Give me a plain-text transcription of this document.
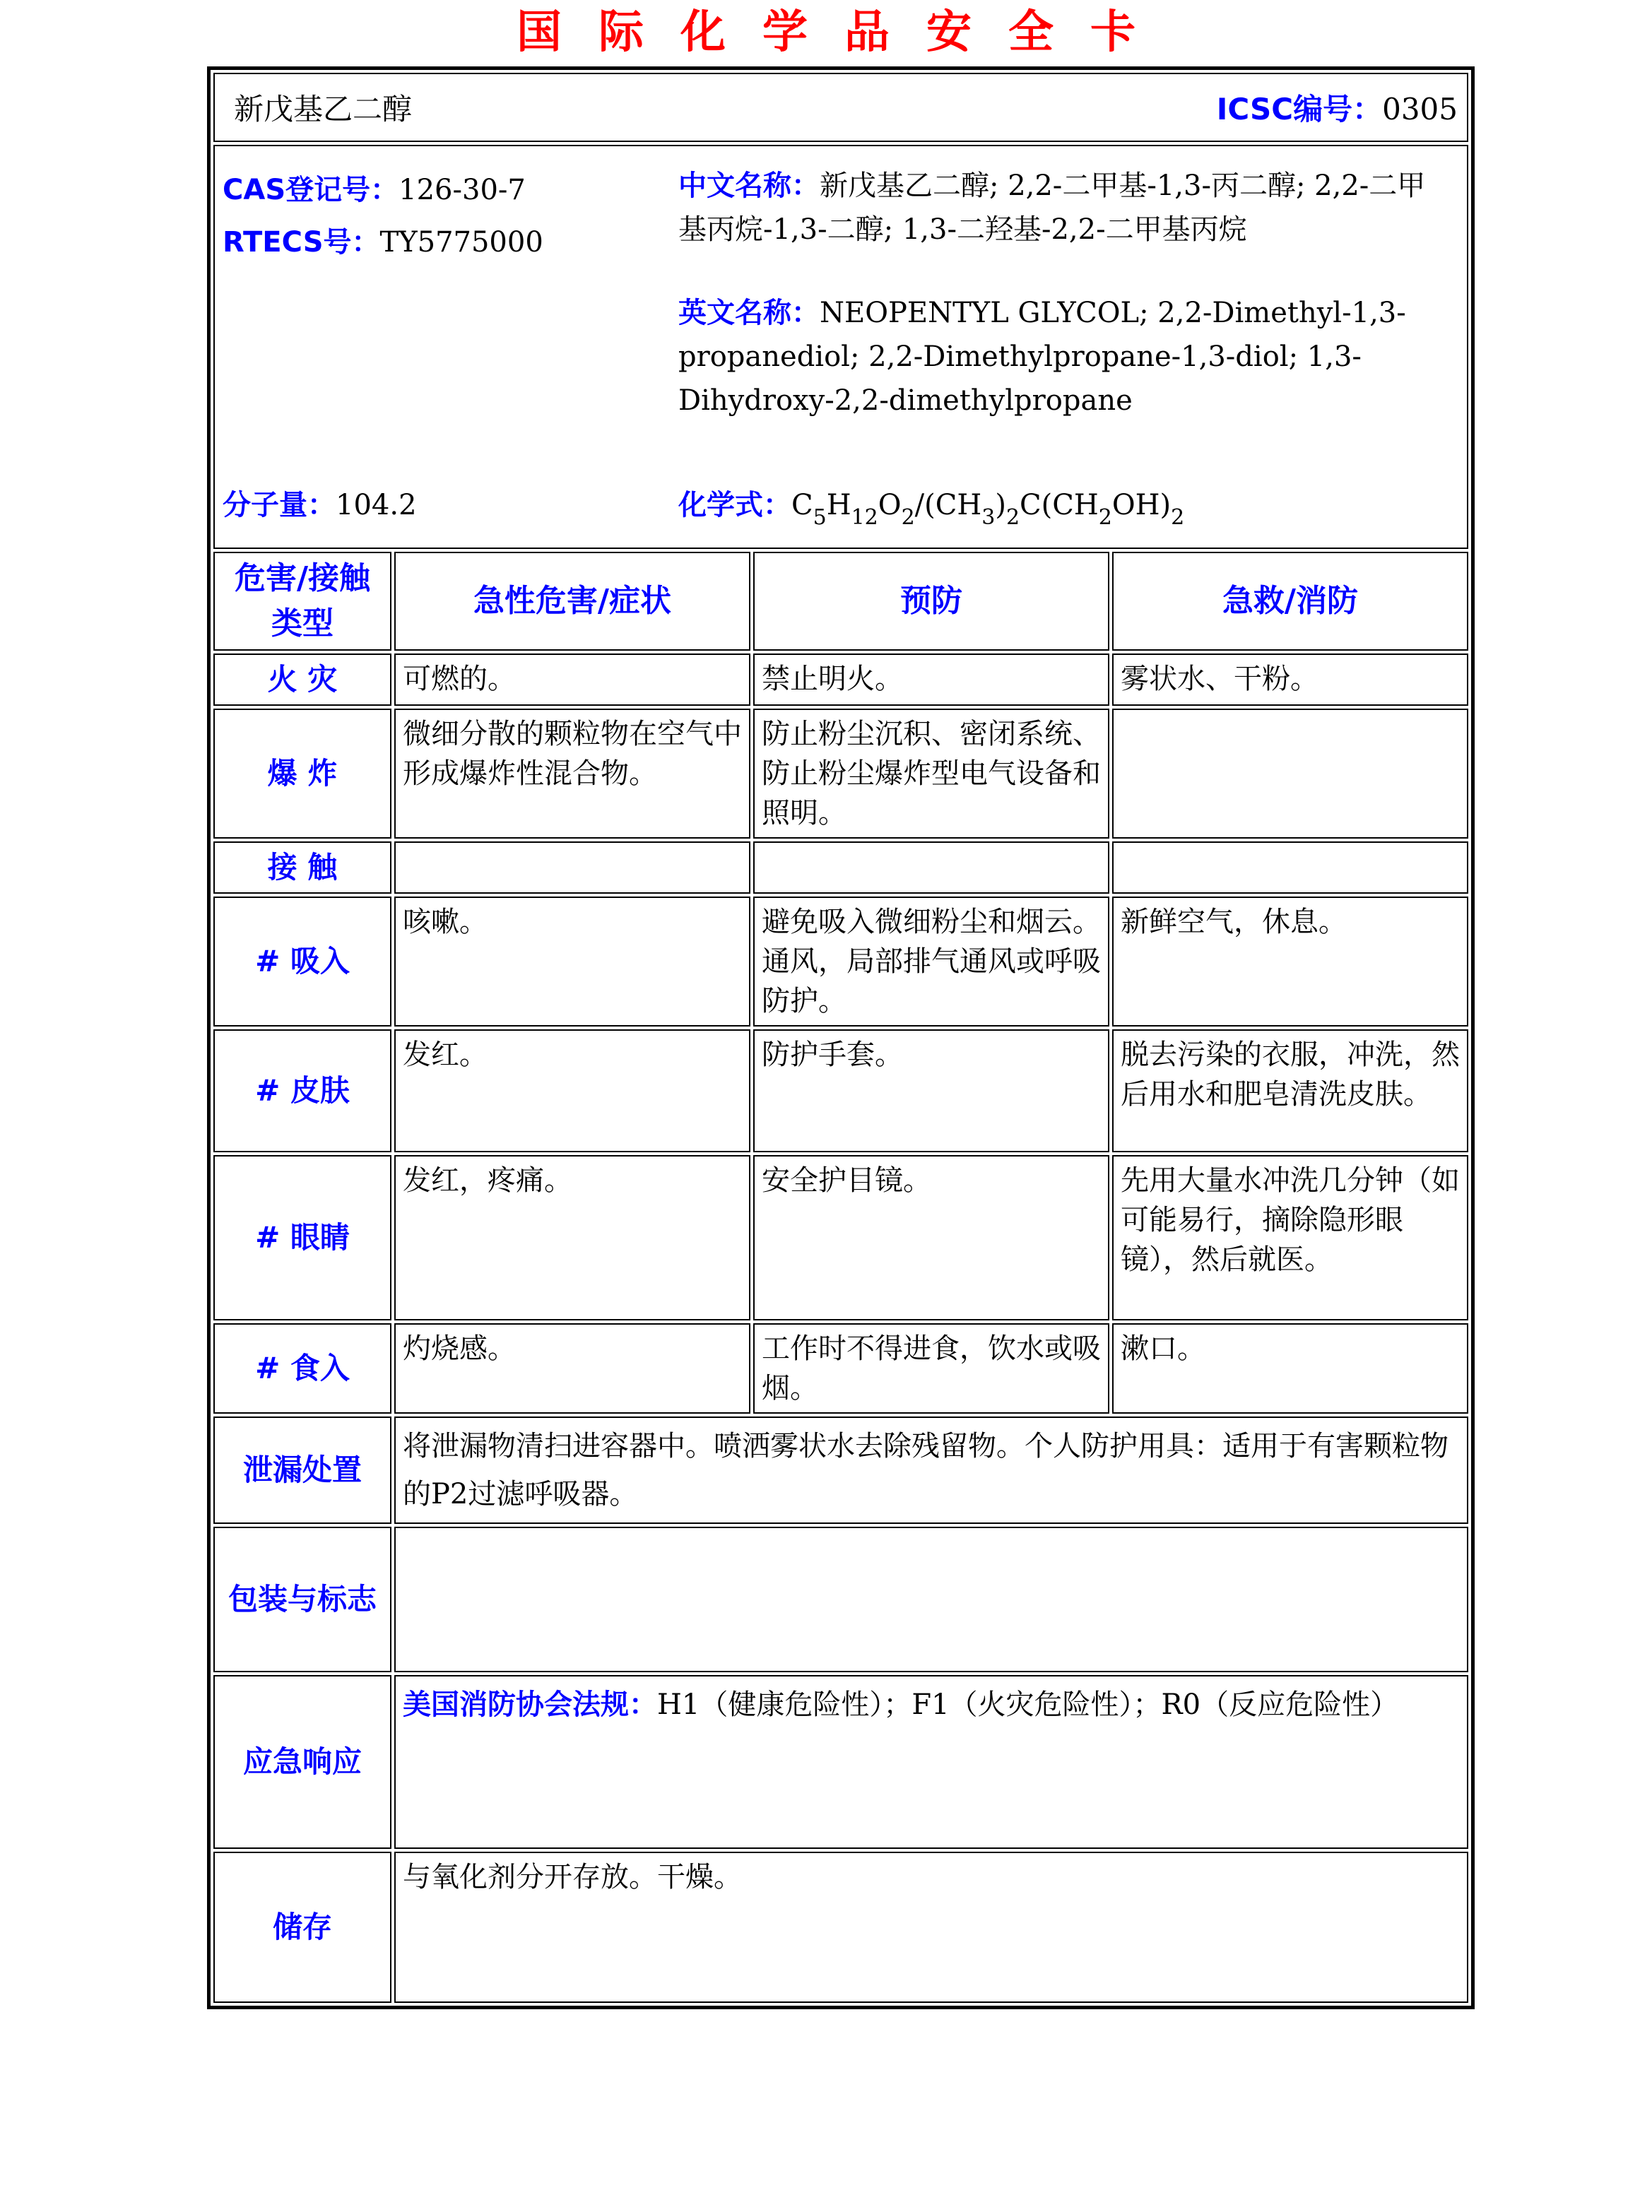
国际化学品安全卡
新戊基乙二醇 ICSC编号：0305			

CAS登记号：126-30-7
RTECS号：TY5775000
中文名称：新戊基乙二醇; 2,2-二甲基-1,3-丙二醇; 2,2-二甲基丙烷-1,3-二醇; 1,3-二羟基-2,2-二甲基丙烷
英文名称：NEOPENTYL GLYCOL; 2,2-Dimethyl-1,3-propanediol; 2,2-Dimethylpropane-1,3-diol; 1,3-Dihydroxy-2,2-dimethylpropane
分子量：104.2	化学式：$C_5H_{12}O_2/(CH_3)_2C(CH_2OH)_2$

危害/接触类型	急性危害/症状	预防	急救/消防
火 灾	可燃的。	禁止明火。	雾状水、干粉。
爆 炸	微细分散的颗粒物在空气中形成爆炸性混合物。	防止粉尘沉积、密闭系统、防止粉尘爆炸型电气设备和照明。	
接 触			
# 吸入	咳嗽。	避免吸入微细粉尘和烟云。通风，局部排气通风或呼吸防护。	新鲜空气，休息。
# 皮肤	发红。	防护手套。	脱去污染的衣服，冲洗，然后用水和肥皂清洗皮肤。
# 眼睛	发红，疼痛。	安全护目镜。	先用大量水冲洗几分钟（如可能易行，摘除隐形眼镜），然后就医。
# 食入	灼烧感。	工作时不得进食，饮水或吸烟。	漱口。
泄漏处置	将泄漏物清扫进容器中。喷洒雾状水去除残留物。个人防护用具：适用于有害颗粒物的P2过滤呼吸器。		
包装与标志			
应急响应	美国消防协会法规：H1（健康危险性）；F1（火灾危险性）；R0（反应危险性）		
储存	与氧化剂分开存放。干燥。		
